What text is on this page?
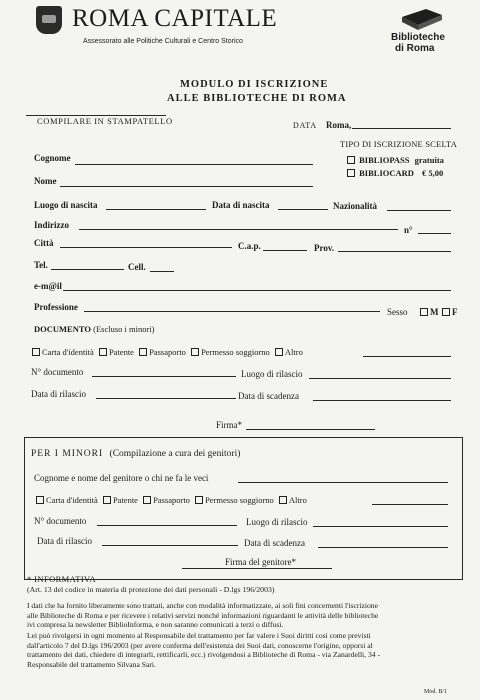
ROMA CAPITALE
Assessorato alle Politiche Culturali e Centro Storico	Biblioteche
di Roma
MODULO DI ISCRIZIONE
ALLE BIBLIOTECHE DI ROMA
COMPILARE IN STAMPATELLO	DATA Roma,
TIPO DI ISCRIZIONE SCELTA
BIBLIOPASS gratuita
BIBLIOCARD € 5,00
Cognome
Nome
Luogo di nascita	Data di nascita	Nazionalità
Indirizzo	n°
Città	C.a.p.	Prov.
Tel.	Cell.
e-m@il
Professione	Sesso	M	F
DOCUMENTO (Escluso i minori)
Carta d'identità Patente Passaporto Permesso soggiorno Altro
N° documento	Luogo di rilascio
Data di rilascio	Data di scadenza
Firma*
PER I MINORI (Compilazione a cura dei genitori)
Cognome e nome del genitore o chi ne fa le veci
Carta d'identità Patente Passaporto Permesso soggiorno Altro
N° documento	Luogo di rilascio
Data di rilascio	Data di scadenza
Firma del genitore*
* INFORMATIVA
(Art. 13 del codice in materia di protezione dei dati personali - D.lgs 196/2003)
I dati che ha fornito liberamente sono trattati, anche con modalità informatizzate, ai soli fini concernenti l'iscrizione
alle Biblioteche di Roma e per ricevere i relativi servizi nonché informazioni riguardanti le attività delle biblioteche
ivi compresa la newsletter BiblioInforma, e non saranno comunicati a terzi o diffusi.
Lei può rivolgersi in ogni momento al Responsabile del trattamento per far valere i Suoi diritti così come previsti
dall'articolo 7 del D.lgs 196/2003 (per avere conferma dell'esistenza dei Suoi dati, conoscerne l'origine, opporsi al
trattamento dei dati, chiedere di integrarli, rettificarli, ecc.) rivolgendosi a Biblioteche di Roma - via Zanardelli, 34 -
Responsabile del trattamento Silvana Sari.
Mod. B/1
